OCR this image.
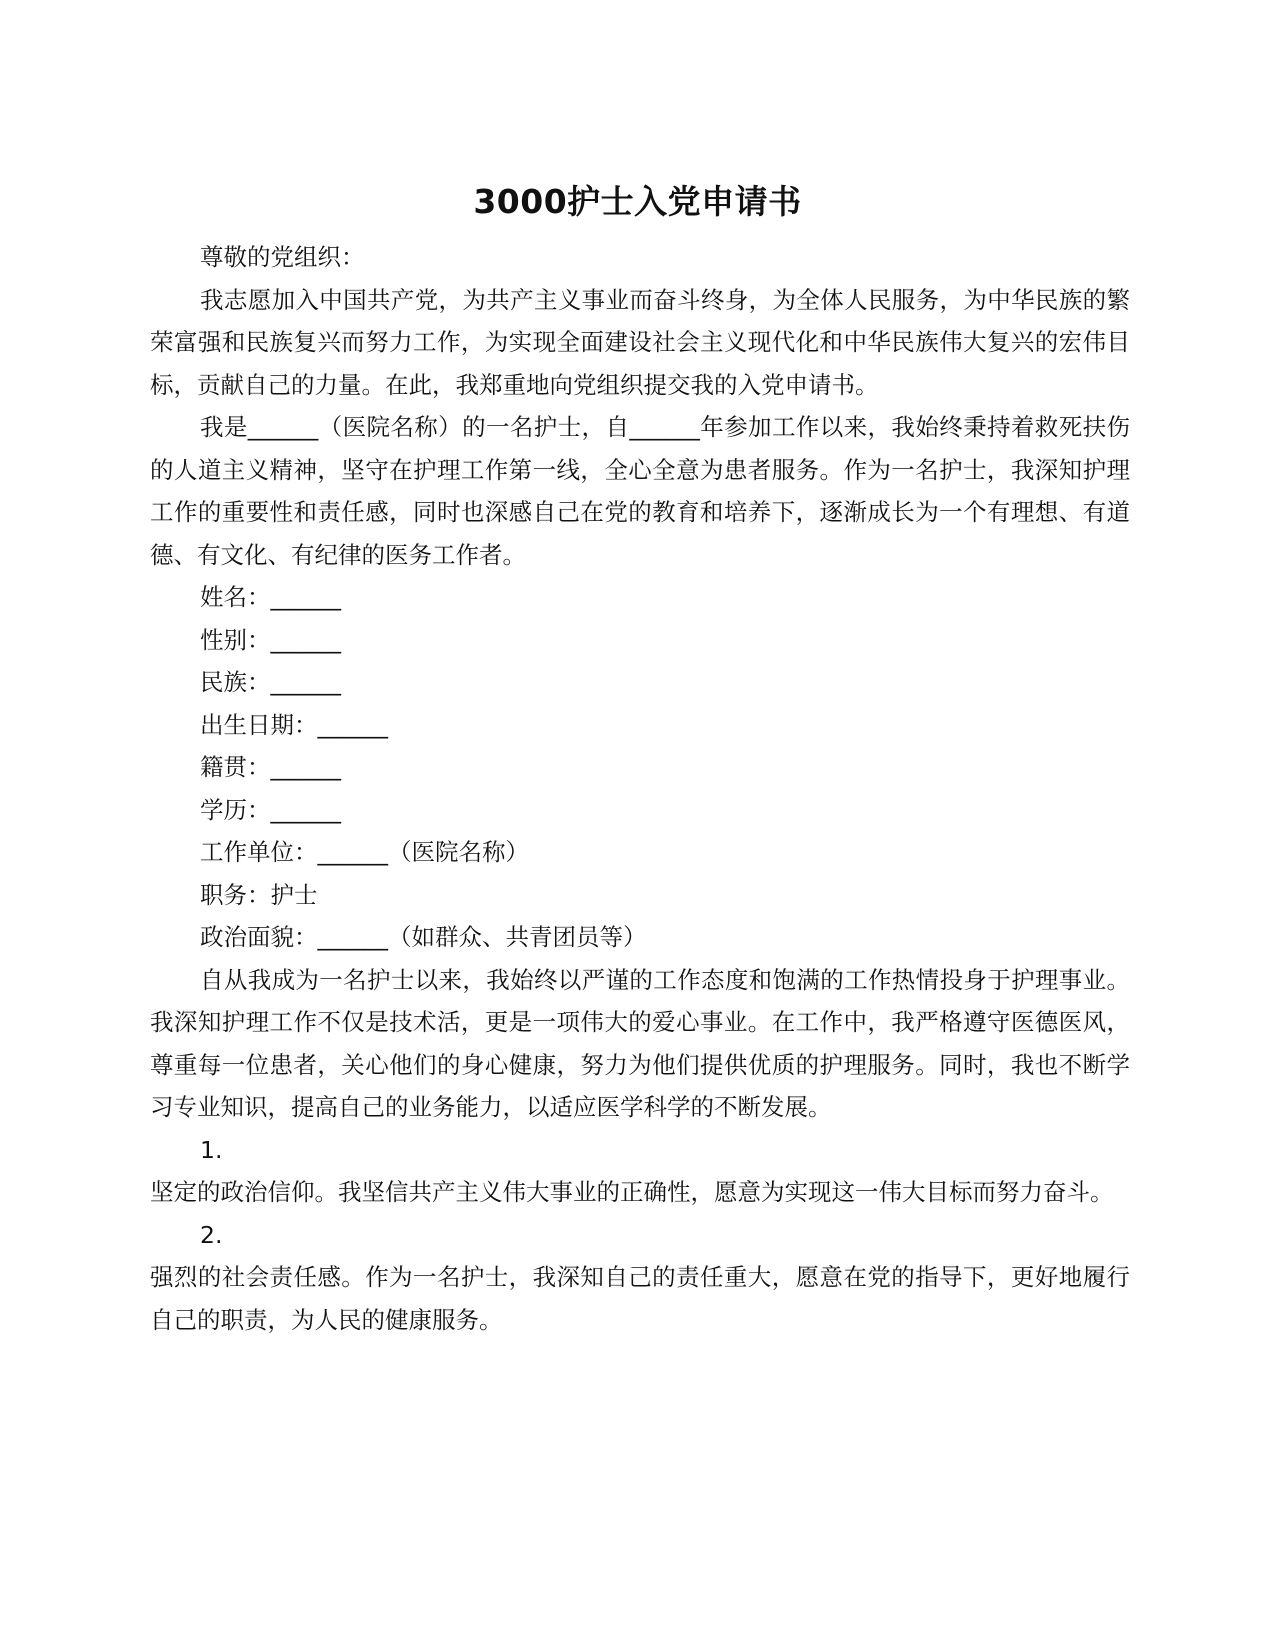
3000护士入党申请书

尊敬的党组织：

我志愿加入中国共产党，为共产主义事业而奋斗终身，为全体人民服务，为中华民族的繁荣富强和民族复兴而努力工作，为实现全面建设社会主义现代化和中华民族伟大复兴的宏伟目标，贡献自己的力量。在此，我郑重地向党组织提交我的入党申请书。

我是______（医院名称）的一名护士，自______年参加工作以来，我始终秉持着救死扶伤的人道主义精神，坚守在护理工作第一线，全心全意为患者服务。作为一名护士，我深知护理工作的重要性和责任感，同时也深感自己在党的教育和培养下，逐渐成长为一个有理想、有道德、有文化、有纪律的医务工作者。

姓名：______

性别：______

民族：______

出生日期：______

籍贯：______

学历：______

工作单位：______（医院名称）

职务：护士

政治面貌：______（如群众、共青团员等）

自从我成为一名护士以来，我始终以严谨的工作态度和饱满的工作热情投身于护理事业。我深知护理工作不仅是技术活，更是一项伟大的爱心事业。在工作中，我严格遵守医德医风，尊重每一位患者，关心他们的身心健康，努力为他们提供优质的护理服务。同时，我也不断学习专业知识，提高自己的业务能力，以适应医学科学的不断发展。

1.

坚定的政治信仰。我坚信共产主义伟大事业的正确性，愿意为实现这一伟大目标而努力奋斗。

2.

强烈的社会责任感。作为一名护士，我深知自己的责任重大，愿意在党的指导下，更好地履行自己的职责，为人民的健康服务。
